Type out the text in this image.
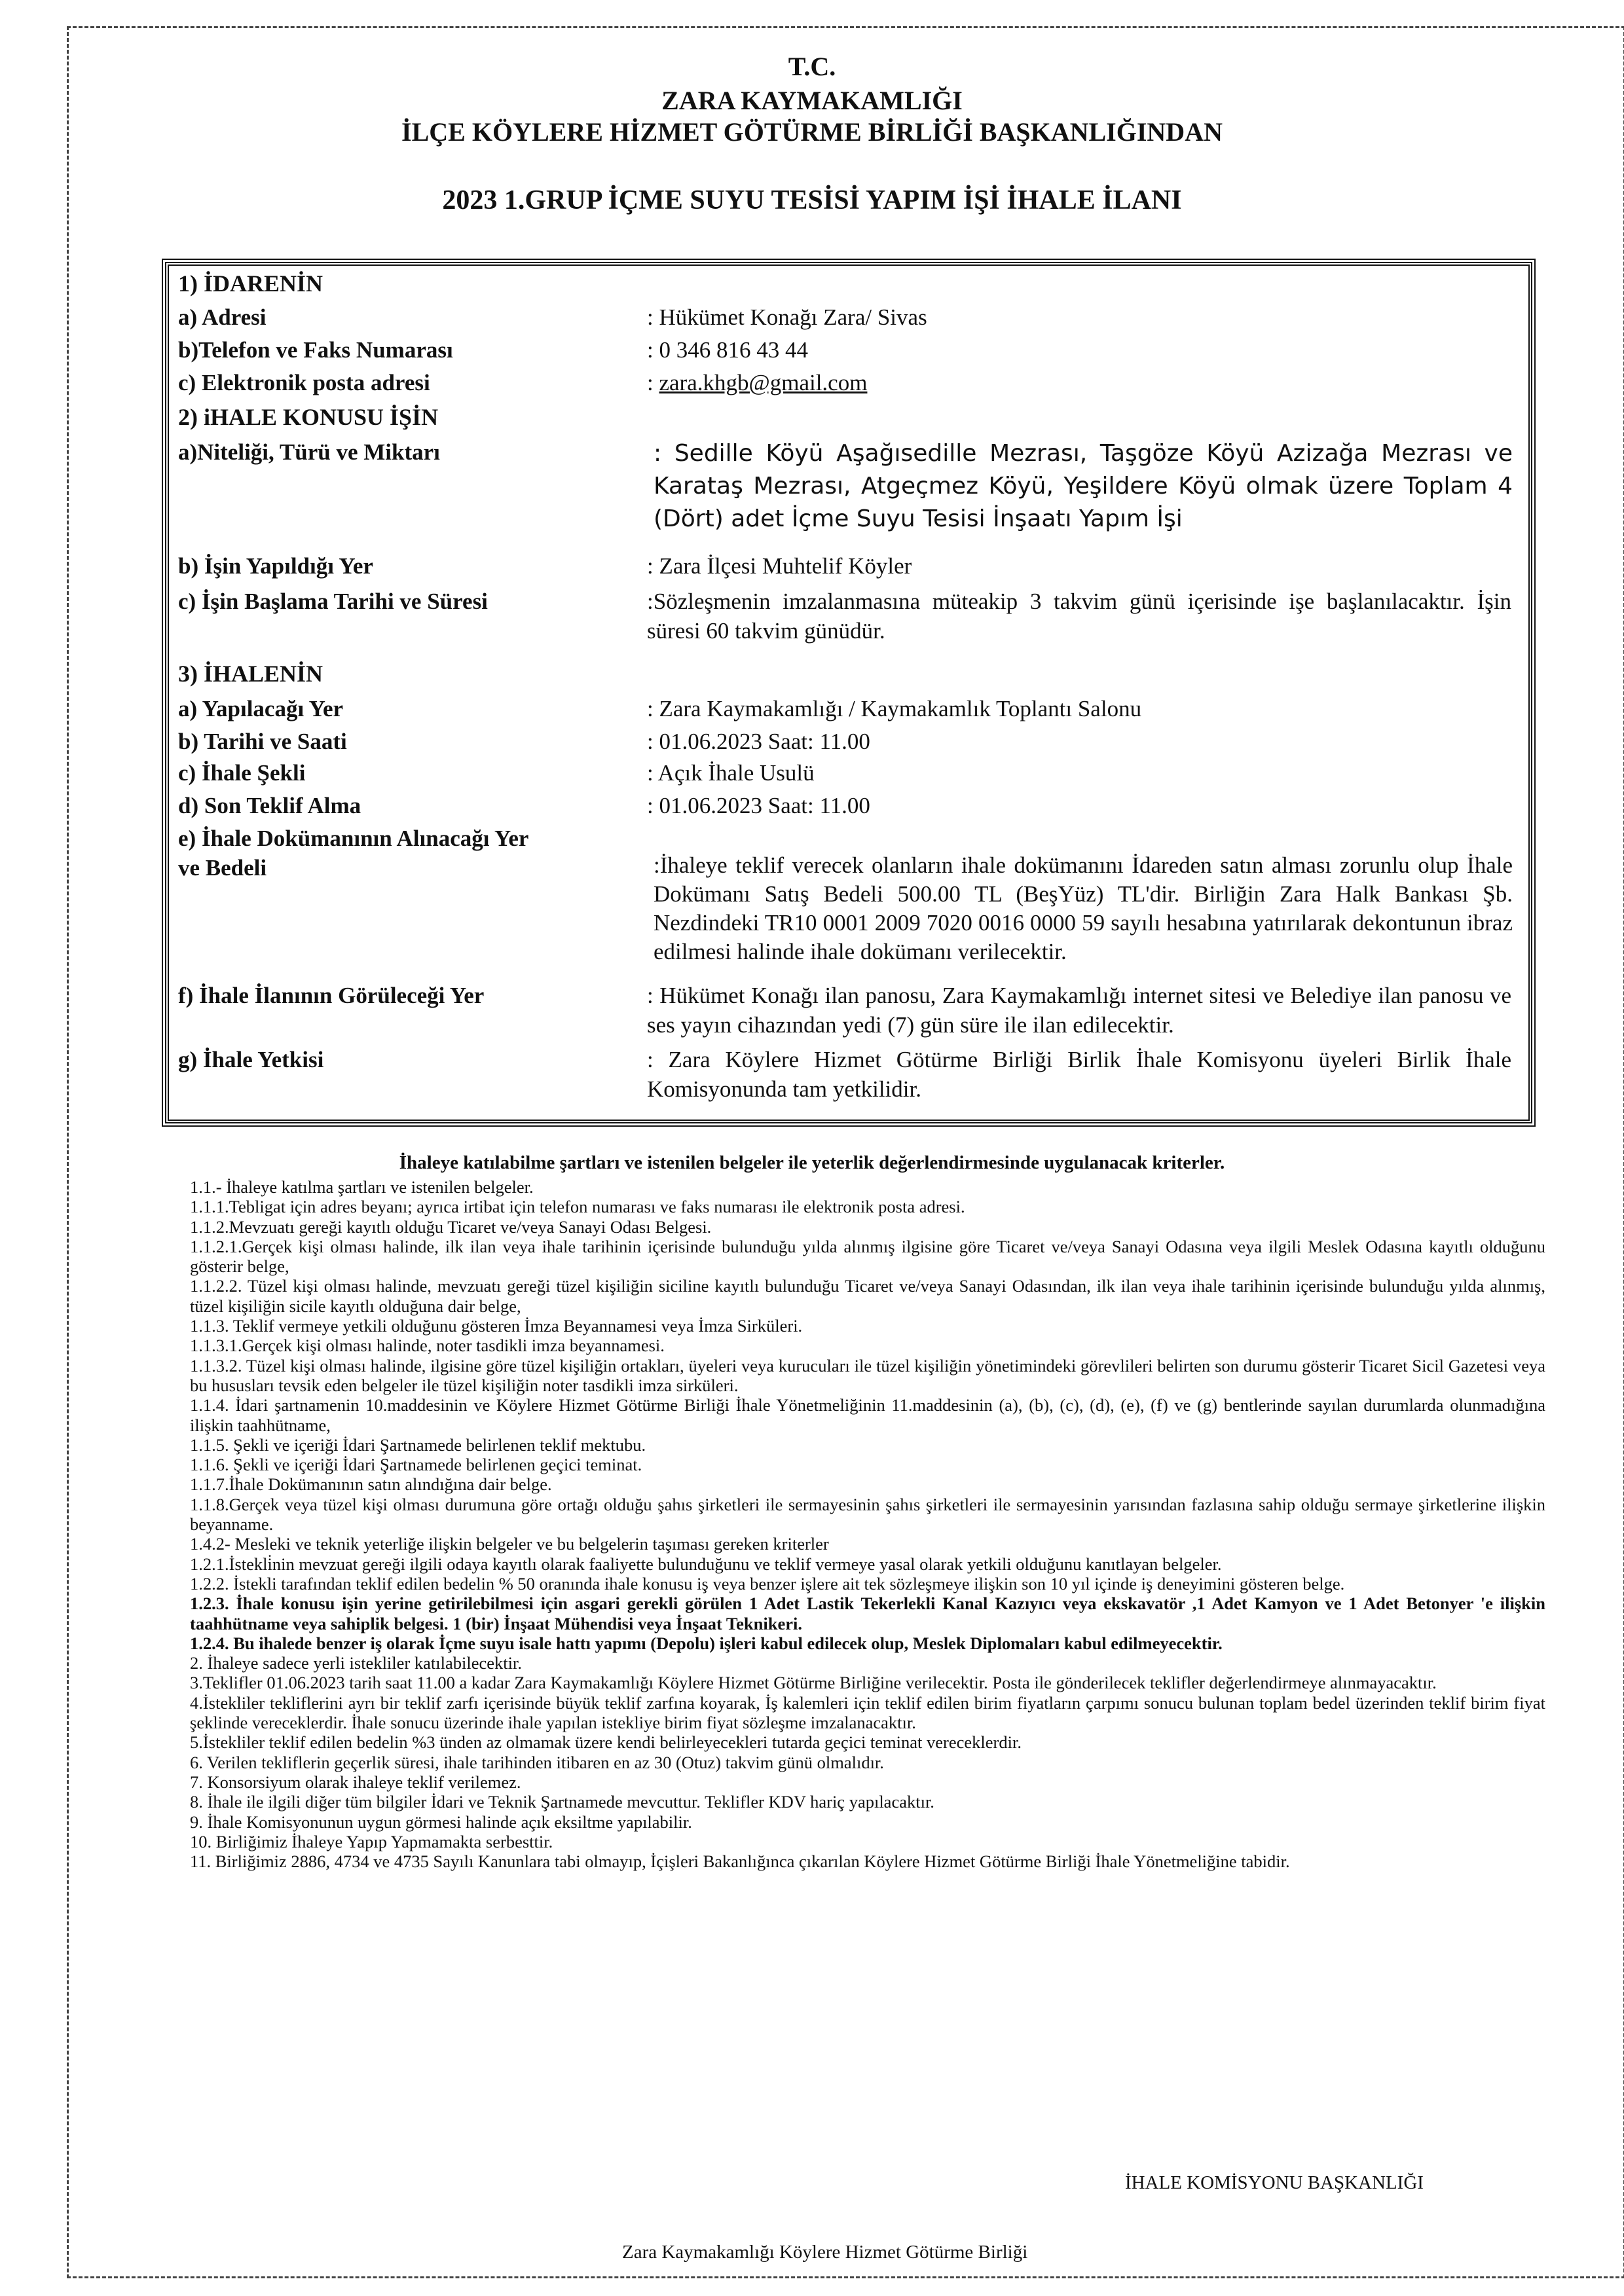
T.C.
ZARA KAYMAKAMLIĞI
İLÇE KÖYLERE HİZMET GÖTÜRME BİRLİĞİ BAŞKANLIĞINDAN
2023 1.GRUP İÇME SUYU TESİSİ YAPIM İŞİ İHALE İLANI
1) İDARENİN
a) Adresi	: Hükümet Konağı Zara/ Sivas
b)Telefon ve Faks Numarası	: 0 346 816 43 44
c) Elektronik posta adresi	: zara.khgb@gmail.com
2) iHALE KONUSU İŞİN
a)Niteliği, Türü ve Miktarı	: Sedille Köyü Aşağısedille Mezrası, Taşgöze Köyü Azizağa Mezrası ve Karataş Mezrası, Atgeçmez Köyü, Yeşildere Köyü olmak üzere Toplam 4 (Dört) adet İçme Suyu Tesisi İnşaatı Yapım İşi
b) İşin Yapıldığı Yer	: Zara İlçesi Muhtelif Köyler
c) İşin Başlama Tarihi ve Süresi	:Sözleşmenin imzalanmasına müteakip 3 takvim günü içerisinde işe başlanılacaktır. İşin süresi 60 takvim günüdür.
3) İHALENİN
a) Yapılacağı Yer	: Zara Kaymakamlığı / Kaymakamlık Toplantı Salonu
b) Tarihi ve Saati	: 01.06.2023 Saat: 11.00
c) İhale Şekli	: Açık İhale Usulü
d) Son Teklif Alma	: 01.06.2023 Saat: 11.00
e) İhale Dokümanının Alınacağı Yer
ve Bedeli	:İhaleye teklif verecek olanların ihale dokümanını İdareden satın alması zorunlu olup İhale Dokümanı Satış Bedeli 500.00 TL (BeşYüz) TL'dir. Birliğin Zara Halk Bankası Şb. Nezdindeki TR10 0001 2009 7020 0016 0000 59 sayılı hesabına yatırılarak dekontunun ibraz edilmesi halinde ihale dokümanı verilecektir.
f) İhale İlanının Görüleceği Yer	: Hükümet Konağı ilan panosu, Zara Kaymakamlığı internet sitesi ve Belediye ilan panosu ve ses yayın cihazından yedi (7) gün süre ile ilan edilecektir.
g) İhale Yetkisi	: Zara Köylere Hizmet Götürme Birliği Birlik İhale Komisyonu üyeleri Birlik İhale Komisyonunda tam yetkilidir.
İhaleye katılabilme şartları ve istenilen belgeler ile yeterlik değerlendirmesinde uygulanacak kriterler.

1.1.- İhaleye katılma şartları ve istenilen belgeler.

1.1.1.Tebligat için adres beyanı; ayrıca irtibat için telefon numarası ve faks numarası ile elektronik posta adresi.

1.1.2.Mevzuatı gereği kayıtlı olduğu Ticaret ve/veya Sanayi Odası Belgesi.

1.1.2.1.Gerçek kişi olması halinde, ilk ilan veya ihale tarihinin içerisinde bulunduğu yılda alınmış ilgisine göre Ticaret ve/veya Sanayi Odasına veya ilgili Meslek Odasına kayıtlı olduğunu gösterir belge,

1.1.2.2. Tüzel kişi olması halinde, mevzuatı gereği tüzel kişiliğin siciline kayıtlı bulunduğu Ticaret ve/veya Sanayi Odasından, ilk ilan veya ihale tarihinin içerisinde bulunduğu yılda alınmış, tüzel kişiliğin sicile kayıtlı olduğuna dair belge,

1.1.3. Teklif vermeye yetkili olduğunu gösteren İmza Beyannamesi veya İmza Sirküleri.

1.1.3.1.Gerçek kişi olması halinde, noter tasdikli imza beyannamesi.

1.1.3.2. Tüzel kişi olması halinde, ilgisine göre tüzel kişiliğin ortakları, üyeleri veya kurucuları ile tüzel kişiliğin yönetimindeki görevlileri belirten son durumu gösterir Ticaret Sicil Gazetesi veya bu hususları tevsik eden belgeler ile tüzel kişiliğin noter tasdikli imza sirküleri.

1.1.4. İdari şartnamenin 10.maddesinin ve Köylere Hizmet Götürme Birliği İhale Yönetmeliğinin 11.maddesinin (a), (b), (c), (d), (e), (f) ve (g) bentlerinde sayılan durumlarda olunmadığına ilişkin taahhütname,

1.1.5. Şekli ve içeriği İdari Şartnamede belirlenen teklif mektubu.

1.1.6. Şekli ve içeriği İdari Şartnamede belirlenen geçici teminat.

1.1.7.İhale Dokümanının satın alındığına dair belge.

1.1.8.Gerçek veya tüzel kişi olması durumuna göre ortağı olduğu şahıs şirketleri ile sermayesinin şahıs şirketleri ile sermayesinin yarısından fazlasına sahip olduğu sermaye şirketlerine ilişkin beyanname.

1.4.2- Mesleki ve teknik yeterliğe ilişkin belgeler ve bu belgelerin taşıması gereken kriterler

1.2.1.İstekli̇nin mevzuat gereği ilgili odaya kayıtlı olarak faaliyette bulunduğunu ve teklif vermeye yasal olarak yetkili olduğunu kanıtlayan belgeler.

1.2.2. İstekli tarafından teklif edilen bedelin % 50 oranında ihale konusu iş veya benzer işlere ait tek sözleşmeye ilişkin son 10 yıl içinde iş deneyimini gösteren belge.

1.2.3. İhale konusu işin yerine getirilebilmesi için asgari gerekli görülen 1 Adet Lastik Tekerlekli Kanal Kazıyıcı veya ekskavatör ,1 Adet Kamyon ve 1 Adet Betonyer 'e ilişkin taahhütname veya sahiplik belgesi. 1 (bir) İnşaat Mühendisi veya İnşaat Teknikeri.

1.2.4. Bu ihalede benzer iş olarak İçme suyu isale hattı yapımı (Depolu) işleri kabul edilecek olup, Meslek Diplomaları kabul edilmeyecektir.

2. İhaleye sadece yerli istekliler katılabilecektir.

3.Teklifler 01.06.2023 tarih saat 11.00 a kadar Zara Kaymakamlığı Köylere Hizmet Götürme Birliğine verilecektir. Posta ile gönderilecek teklifler değerlendirmeye alınmayacaktır.

4.İstekliler tekliflerini ayrı bir teklif zarfı içerisinde büyük teklif zarfına koyarak, İş kalemleri için teklif edilen birim fiyatların çarpımı sonucu bulunan toplam bedel üzerinden teklif birim fiyat şeklinde vereceklerdir. İhale sonucu üzerinde ihale yapılan istekliye birim fiyat sözleşme imzalanacaktır.

5.İstekliler teklif edilen bedelin %3 ünden az olmamak üzere kendi belirleyecekleri tutarda geçici teminat vereceklerdir.

6. Verilen tekliflerin geçerlik süresi, ihale tarihinden itibaren en az 30 (Otuz) takvim günü olmalıdır.

7. Konsorsiyum olarak ihaleye teklif verilemez.

8. İhale ile ilgili diğer tüm bilgiler İdari ve Teknik Şartnamede mevcuttur. Teklifler KDV hariç yapılacaktır.

9. İhale Komisyonunun uygun görmesi halinde açık eksiltme yapılabilir.

10. Birliğimiz İhaleye Yapıp Yapmamakta serbesttir.

11. Birliğimiz 2886, 4734 ve 4735 Sayılı Kanunlara tabi olmayıp, İçişleri Bakanlığınca çıkarılan Köylere Hizmet Götürme Birliği İhale Yönetmeliğine tabidir.

İHALE KOMİSYONU BAŞKANLIĞI
Zara Kaymakamlığı Köylere Hizmet Götürme Birliği
